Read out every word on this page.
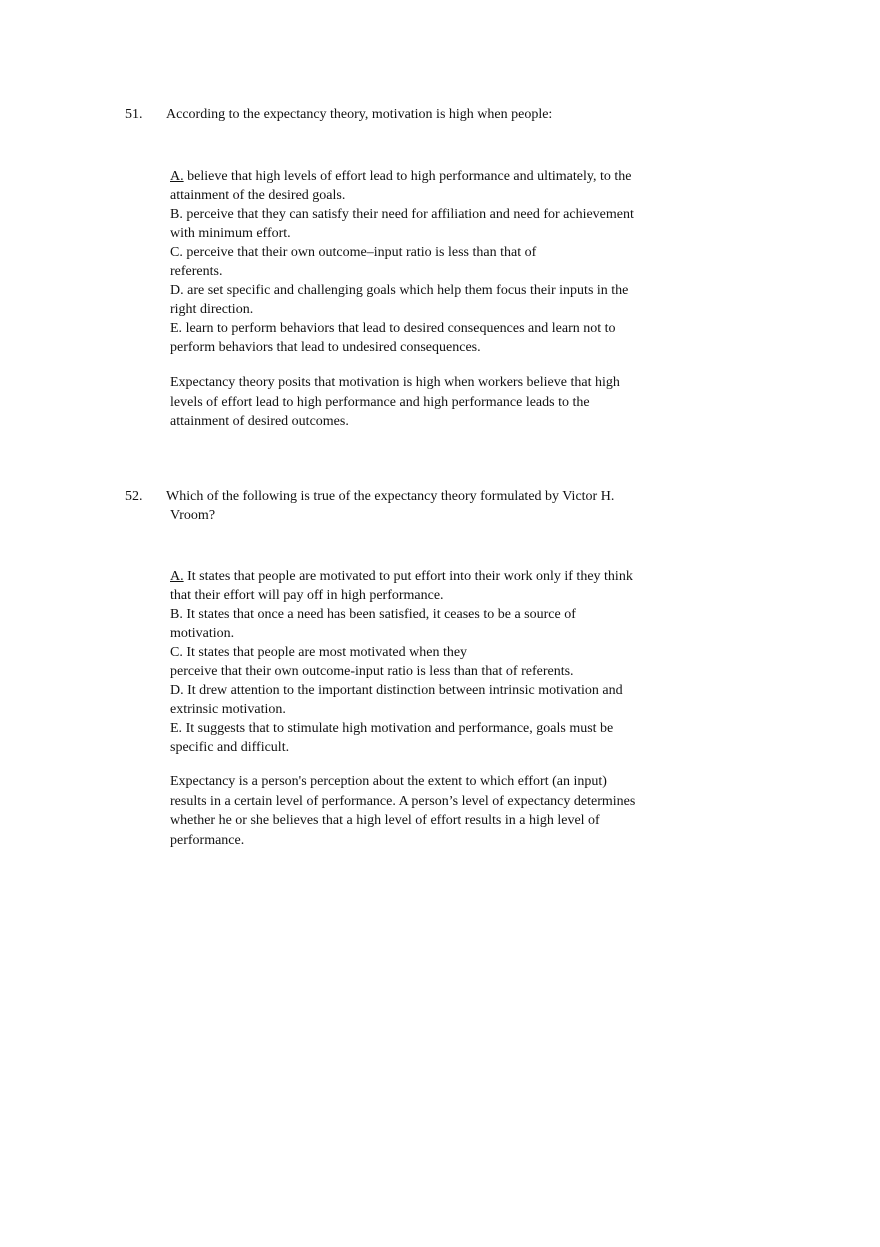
51. According to the expectancy theory, motivation is high when people:
A. believe that high levels of effort lead to high performance and ultimately, to the
attainment of the desired goals.
B. perceive that they can satisfy their need for affiliation and need for achievement
with minimum effort.
C. perceive that their own outcome–input ratio is less than that of
referents.
D. are set specific and challenging goals which help them focus their inputs in the
right direction.
E. learn to perform behaviors that lead to desired consequences and learn not to
perform behaviors that lead to undesired consequences.
Expectancy theory posits that motivation is high when workers believe that high
levels of effort lead to high performance and high performance leads to the
attainment of desired outcomes.
52. Which of the following is true of the expectancy theory formulated by Victor H.
Vroom?
A. It states that people are motivated to put effort into their work only if they think
that their effort will pay off in high performance.
B. It states that once a need has been satisfied, it ceases to be a source of
motivation.
C. It states that people are most motivated when they
perceive that their own outcome-input ratio is less than that of referents.
D. It drew attention to the important distinction between intrinsic motivation and
extrinsic motivation.
E. It suggests that to stimulate high motivation and performance, goals must be
specific and difficult.
Expectancy is a person's perception about the extent to which effort (an input)
results in a certain level of performance. A person’s level of expectancy determines
whether he or she believes that a high level of effort results in a high level of
performance.
